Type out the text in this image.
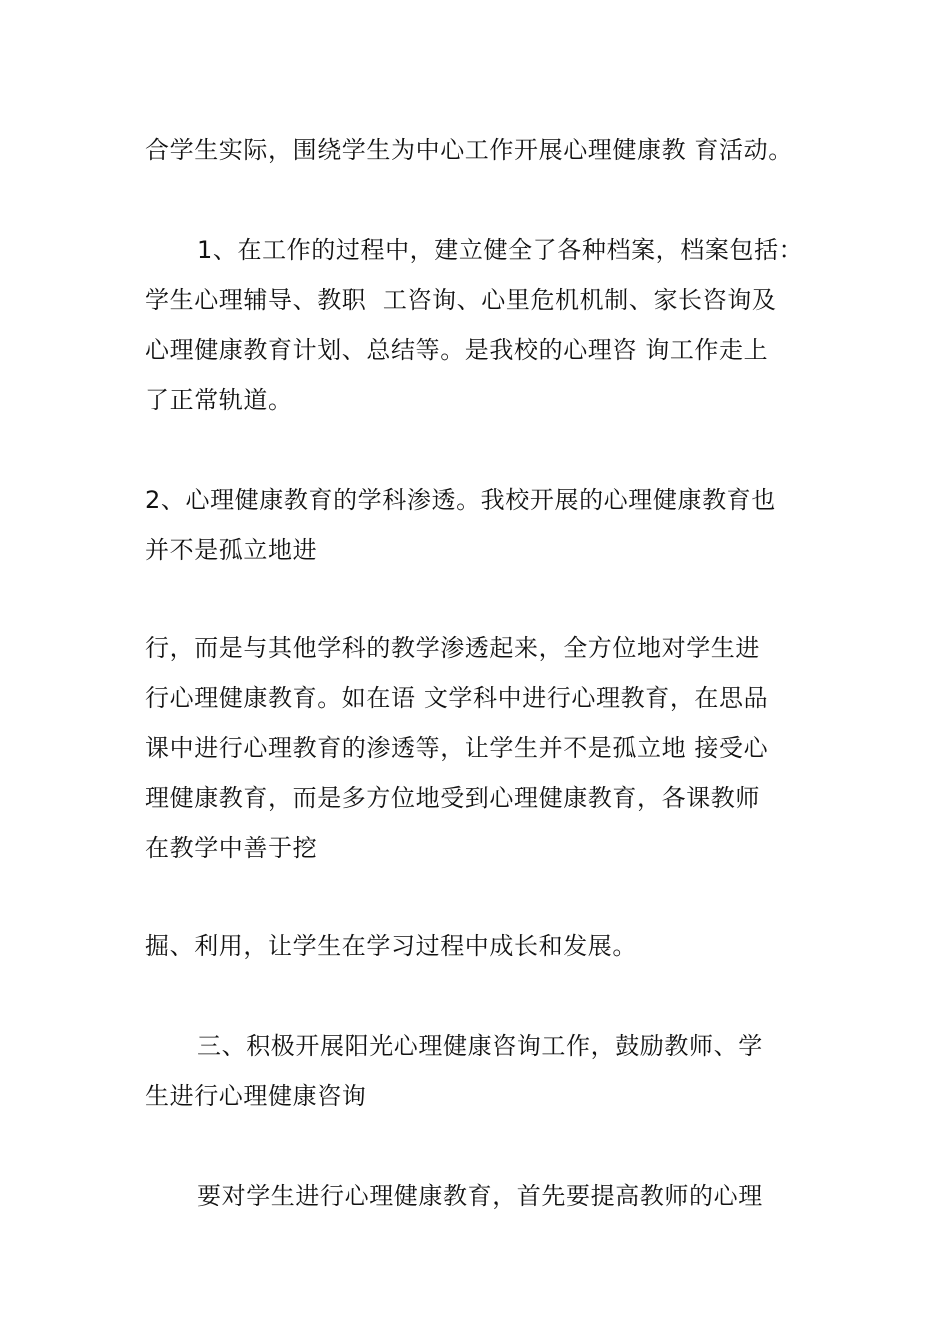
合学生实际，围绕学生为中心工作开展心理健康教 育活动。
1、在工作的过程中，建立健全了各种档案，档案包括：
学生心理辅导、教职  工咨询、心里危机机制、家长咨询及
心理健康教育计划、总结等。是我校的心理咨 询工作走上
了正常轨道。
2、心理健康教育的学科渗透。我校开展的心理健康教育也
并不是孤立地进
行，而是与其他学科的教学渗透起来，全方位地对学生进
行心理健康教育。如在语 文学科中进行心理教育，在思品
课中进行心理教育的渗透等，让学生并不是孤立地 接受心
理健康教育，而是多方位地受到心理健康教育，各课教师
在教学中善于挖
掘、利用，让学生在学习过程中成长和发展。
三、积极开展阳光心理健康咨询工作，鼓励教师、学
生进行心理健康咨询
要对学生进行心理健康教育，首先要提高教师的心理
